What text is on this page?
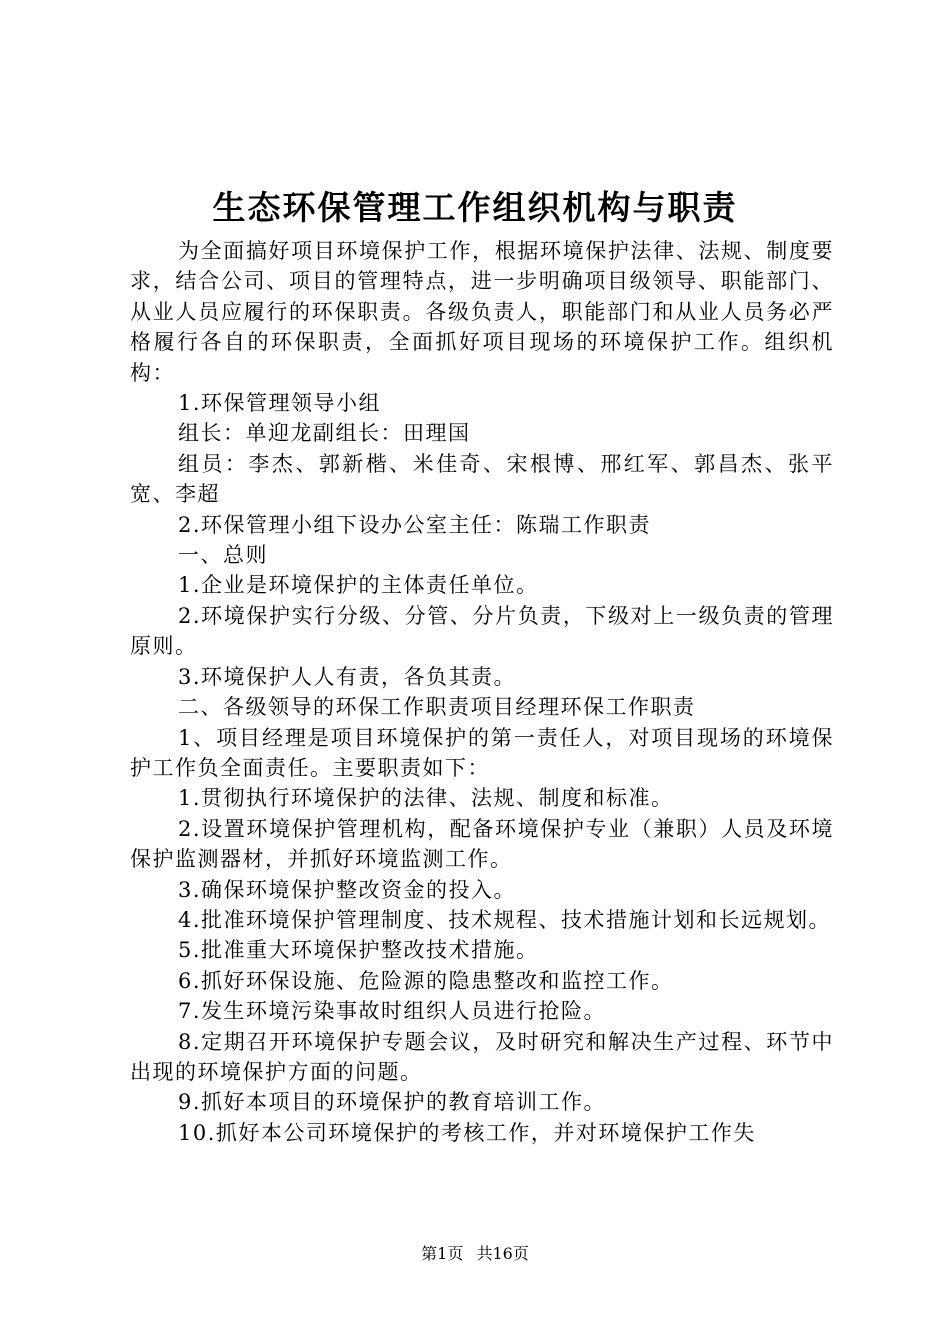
生态环保管理工作组织机构与职责

为全面搞好项目环境保护工作，根据环境保护法律、法规、制度要求，结合公司、项目的管理特点，进一步明确项目级领导、职能部门、从业人员应履行的环保职责。各级负责人，职能部门和从业人员务必严格履行各自的环保职责，全面抓好项目现场的环境保护工作。组织机构：

1.环保管理领导小组

组长：单迎龙副组长：田理国

组员：李杰、郭新楷、米佳奇、宋根博、邢红军、郭昌杰、张平宽、李超

2.环保管理小组下设办公室主任：陈瑞工作职责

一、总则

1.企业是环境保护的主体责任单位。

2.环境保护实行分级、分管、分片负责，下级对上一级负责的管理原则。

3.环境保护人人有责，各负其责。

二、各级领导的环保工作职责项目经理环保工作职责

1、项目经理是项目环境保护的第一责任人，对项目现场的环境保护工作负全面责任。主要职责如下：

1.贯彻执行环境保护的法律、法规、制度和标准。

2.设置环境保护管理机构，配备环境保护专业（兼职）人员及环境保护监测器材，并抓好环境监测工作。

3.确保环境保护整改资金的投入。

4.批准环境保护管理制度、技术规程、技术措施计划和长远规划。

5.批准重大环境保护整改技术措施。

6.抓好环保设施、危险源的隐患整改和监控工作。

7.发生环境污染事故时组织人员进行抢险。

8.定期召开环境保护专题会议，及时研究和解决生产过程、环节中出现的环境保护方面的问题。

9.抓好本项目的环境保护的教育培训工作。

10.抓好本公司环境保护的考核工作，并对环境保护工作失

第1页 共16页
